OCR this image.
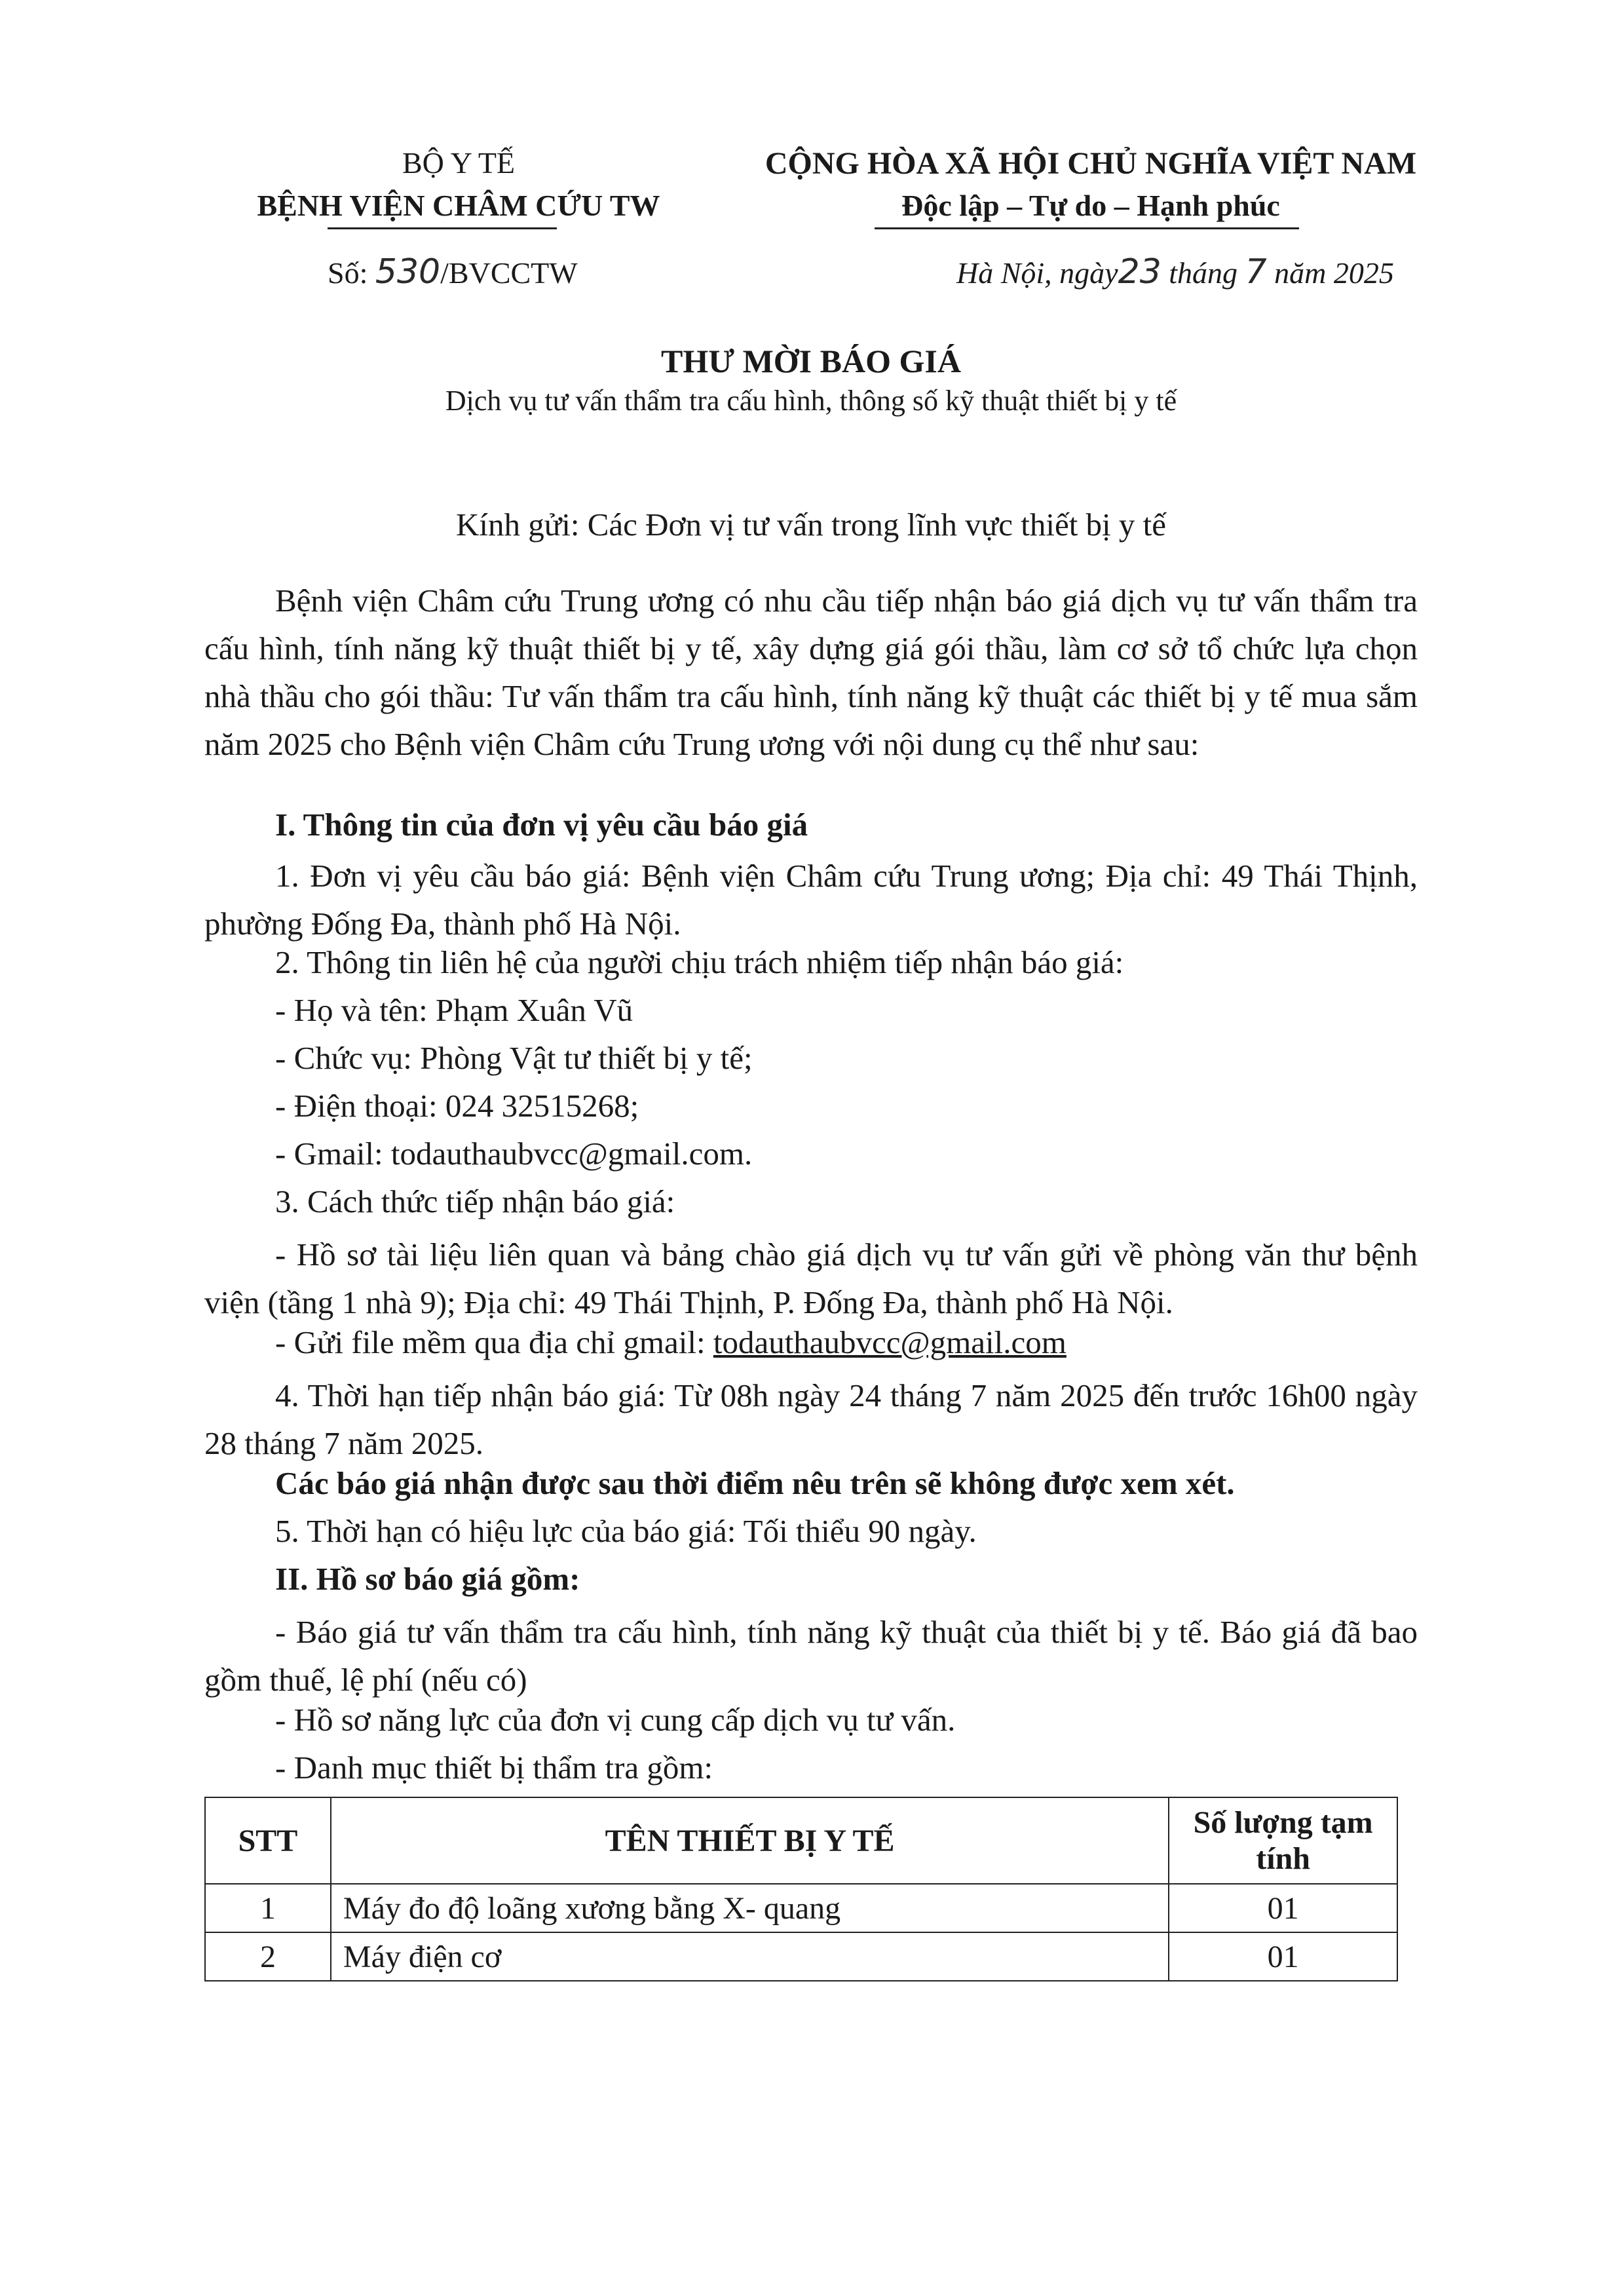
BỘ Y TẾ
BỆNH VIỆN CHÂM CỨU TW
CỘNG HÒA XÃ HỘI CHỦ NGHĨA VIỆT NAM
Độc lập – Tự do – Hạnh phúc
Số: 530/BVCCTW	Hà Nội, ngày23 tháng 7 năm 2025
THƯ MỜI BÁO GIÁ
Dịch vụ tư vấn thẩm tra cấu hình, thông số kỹ thuật thiết bị y tế
Kính gửi: Các Đơn vị tư vấn trong lĩnh vực thiết bị y tế
Bệnh viện Châm cứu Trung ương có nhu cầu tiếp nhận báo giá dịch vụ tư vấn thẩm tra cấu hình, tính năng kỹ thuật thiết bị y tế, xây dựng giá gói thầu, làm cơ sở tổ chức lựa chọn nhà thầu cho gói thầu: Tư vấn thẩm tra cấu hình, tính năng kỹ thuật các thiết bị y tế mua sắm năm 2025 cho Bệnh viện Châm cứu Trung ương với nội dung cụ thể như sau:
I. Thông tin của đơn vị yêu cầu báo giá
1. Đơn vị yêu cầu báo giá: Bệnh viện Châm cứu Trung ương; Địa chỉ: 49 Thái Thịnh, phường Đống Đa, thành phố Hà Nội.
2. Thông tin liên hệ của người chịu trách nhiệm tiếp nhận báo giá:
- Họ và tên: Phạm Xuân Vũ
- Chức vụ: Phòng Vật tư thiết bị y tế;
- Điện thoại: 024 32515268;
- Gmail: todauthaubvcc@gmail.com.
3. Cách thức tiếp nhận báo giá:
- Hồ sơ tài liệu liên quan và bảng chào giá dịch vụ tư vấn gửi về phòng văn thư bệnh viện (tầng 1 nhà 9); Địa chỉ: 49 Thái Thịnh, P. Đống Đa, thành phố Hà Nội.
- Gửi file mềm qua địa chỉ gmail: todauthaubvcc@gmail.com
4. Thời hạn tiếp nhận báo giá: Từ 08h ngày 24 tháng 7 năm 2025 đến trước 16h00 ngày 28 tháng 7 năm 2025.
Các báo giá nhận được sau thời điểm nêu trên sẽ không được xem xét.
5. Thời hạn có hiệu lực của báo giá: Tối thiểu 90 ngày.
II. Hồ sơ báo giá gồm:
- Báo giá tư vấn thẩm tra cấu hình, tính năng kỹ thuật của thiết bị y tế. Báo giá đã bao gồm thuế, lệ phí (nếu có)
- Hồ sơ năng lực của đơn vị cung cấp dịch vụ tư vấn.
- Danh mục thiết bị thẩm tra gồm:
STT	TÊN THIẾT BỊ Y TẾ	Số lượng tạm tính
1	Máy đo độ loãng xương bằng X- quang	01
2	Máy điện cơ	01
